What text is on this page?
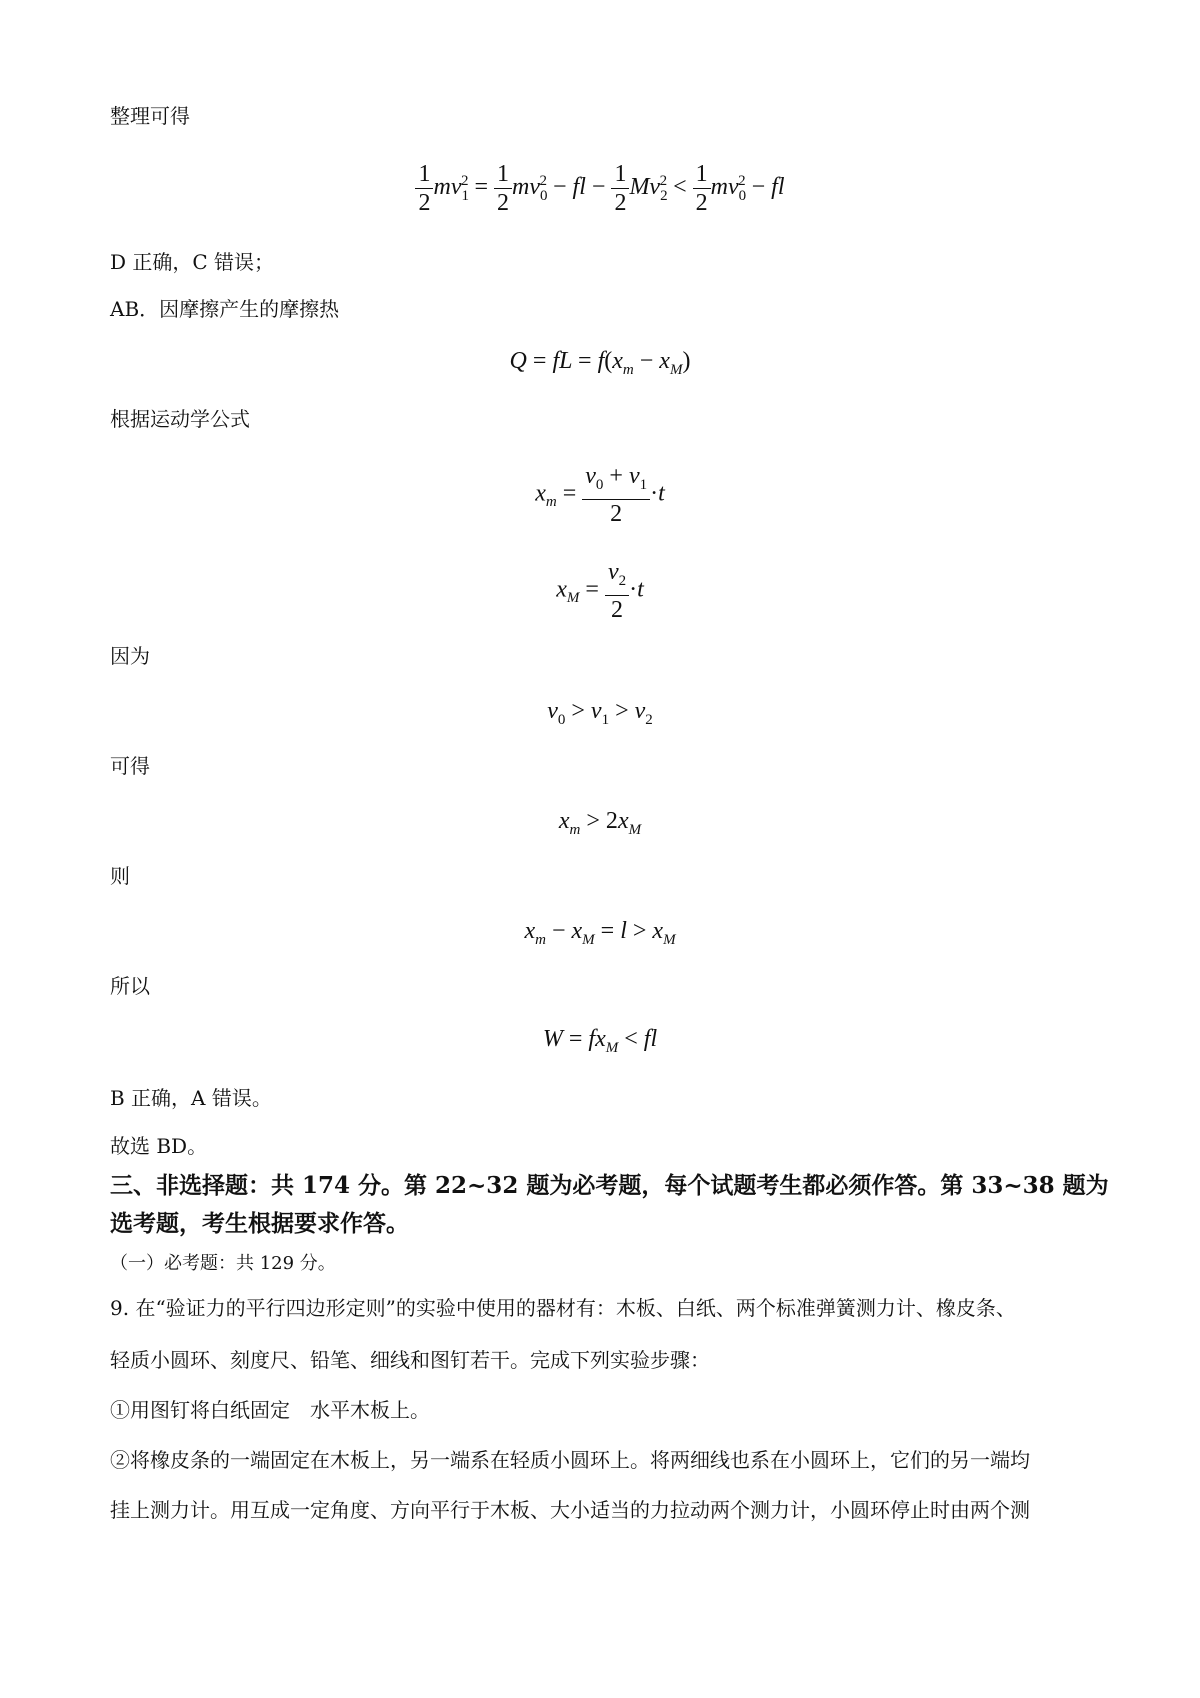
整理可得
$\frac{1}{2} mv_1^2 = \frac{1}{2} mv_0^2$ − fl − $\frac{1}{2} Mv_2^2 < \frac{1}{2} mv_0^2$ − fl
D 正确，C 错误；
AB．因摩擦产生的摩擦热
Q = fL = $f(x_m - x_M)$
根据运动学公式
$x_m = \frac{v_0 + v_1}{2} \cdot t$
$x_M = \frac{v_2}{2} \cdot t$
因为
$v_0 > v_1 > v_2$
可得
$x_m > 2x_M$
则
$x_m - x_M = l > x_M$
所以
$W = fx_M$ < fl
B 正确，A 错误。
故选 BD。
三、非选择题：共 174 分。第 22~32 题为必考题，每个试题考生都必须作答。第 33~38 题为
选考题，考生根据要求作答。
（一）必考题：共 129 分。
9. 在“验证力的平行四边形定则”的实验中使用的器材有：木板、白纸、两个标准弹簧测力计、橡皮条、
轻质小圆环、刻度尺、铅笔、细线和图钉若干。完成下列实验步骤：
①用图钉将白纸固定　水平木板上。
②将橡皮条的一端固定在木板上，另一端系在轻质小圆环上。将两细线也系在小圆环上，它们的另一端均
挂上测力计。用互成一定角度、方向平行于木板、大小适当的力拉动两个测力计，小圆环停止时由两个测
